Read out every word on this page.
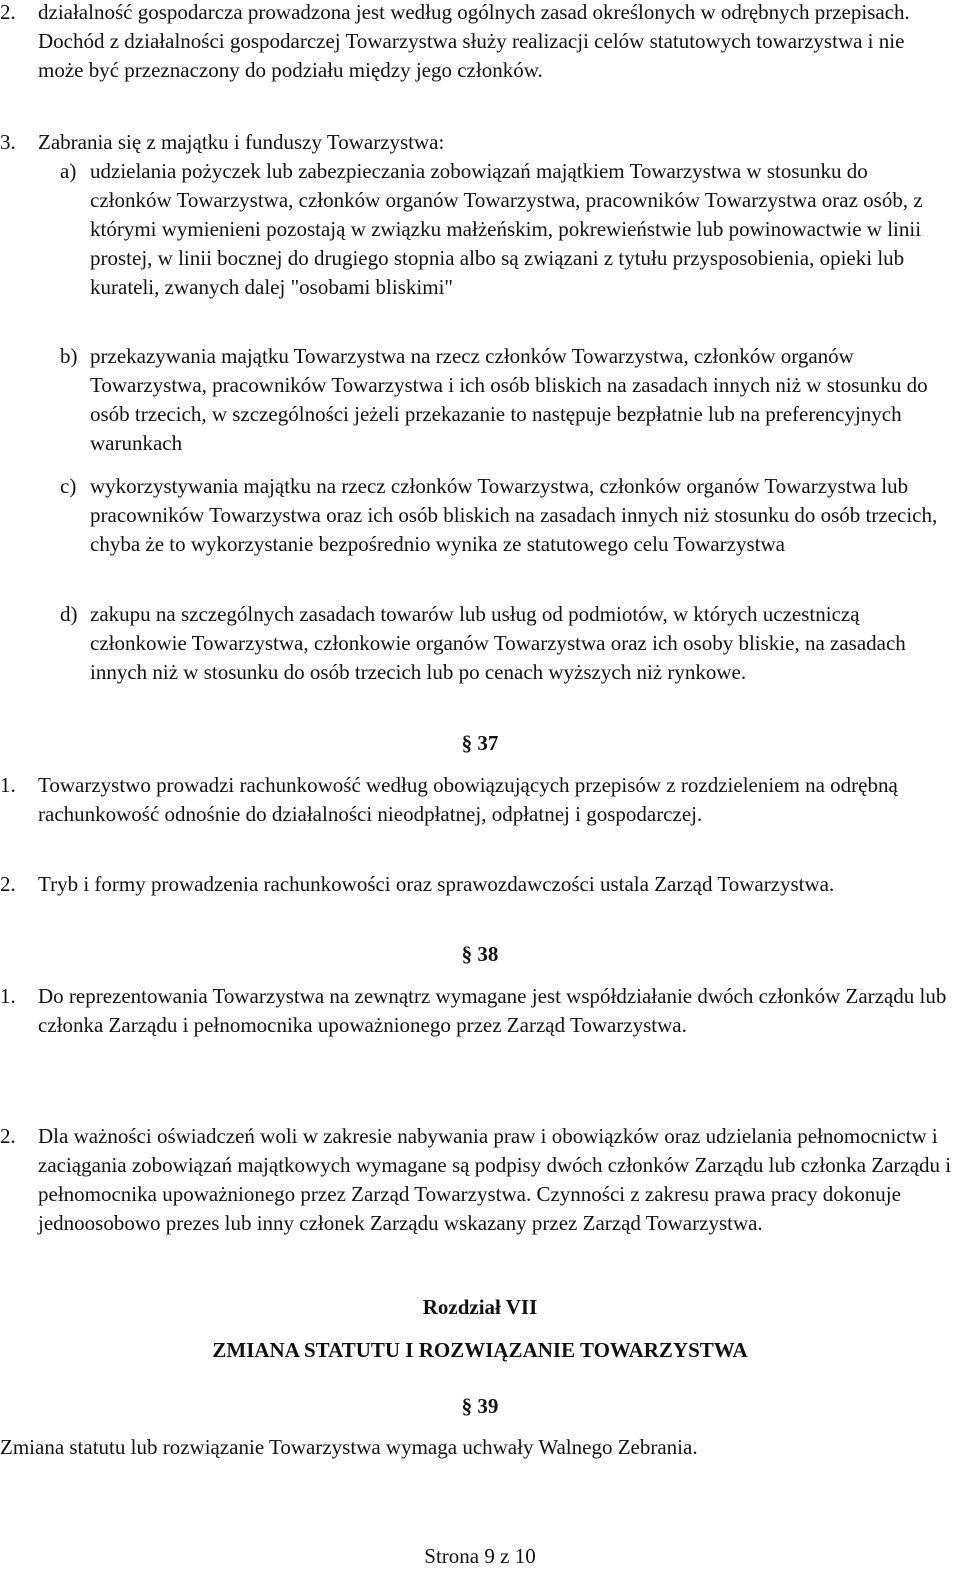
2. działalność gospodarcza prowadzona jest według ogólnych zasad określonych w odrębnych przepisach. Dochód z działalności gospodarczej Towarzystwa służy realizacji celów statutowych towarzystwa i nie może być przeznaczony do podziału między jego członków.
3. Zabrania się z majątku i funduszy Towarzystwa:
a) udzielania pożyczek lub zabezpieczania zobowiązań majątkiem Towarzystwa w stosunku do członków Towarzystwa, członków organów Towarzystwa, pracowników Towarzystwa oraz osób, z którymi wymienieni pozostają w związku małżeńskim, pokrewieństwie lub powinowactwie w linii prostej, w linii bocznej do drugiego stopnia albo są związani z tytułu przysposobienia, opieki lub kurateli, zwanych dalej "osobami bliskimi"
b) przekazywania majątku Towarzystwa na rzecz członków Towarzystwa, członków organów Towarzystwa, pracowników Towarzystwa i ich osób bliskich na zasadach innych niż w stosunku do osób trzecich, w szczególności jeżeli przekazanie to następuje bezpłatnie lub na preferencyjnych warunkach
c) wykorzystywania majątku na rzecz członków Towarzystwa, członków organów Towarzystwa lub pracowników Towarzystwa oraz ich osób bliskich na zasadach innych niż stosunku do osób trzecich, chyba że to wykorzystanie bezpośrednio wynika ze statutowego celu Towarzystwa
d) zakupu na szczególnych zasadach towarów lub usług od podmiotów, w których uczestniczą członkowie Towarzystwa, członkowie organów Towarzystwa oraz ich osoby bliskie, na zasadach innych niż w stosunku do osób trzecich lub po cenach wyższych niż rynkowe.
§ 37
1. Towarzystwo prowadzi rachunkowość według obowiązujących przepisów z rozdzieleniem na odrębną rachunkowość odnośnie do działalności nieodpłatnej, odpłatnej i gospodarczej.
2. Tryb i formy prowadzenia rachunkowości oraz sprawozdawczości ustala Zarząd Towarzystwa.
§ 38
1. Do reprezentowania Towarzystwa na zewnątrz wymagane jest współdziałanie dwóch członków Zarządu lub członka Zarządu i pełnomocnika upoważnionego przez Zarząd Towarzystwa.
2. Dla ważności oświadczeń woli w zakresie nabywania praw i obowiązków oraz udzielania pełnomocnictw i zaciągania zobowiązań majątkowych wymagane są podpisy dwóch członków Zarządu lub członka Zarządu i pełnomocnika upoważnionego przez Zarząd Towarzystwa. Czynności z zakresu prawa pracy dokonuje jednoosobowo prezes lub inny członek Zarządu wskazany przez Zarząd Towarzystwa.
Rozdział VII
ZMIANA STATUTU I ROZWIĄZANIE TOWARZYSTWA
§ 39
Zmiana statutu lub rozwiązanie Towarzystwa wymaga uchwały Walnego Zebrania.
Strona 9 z 10
